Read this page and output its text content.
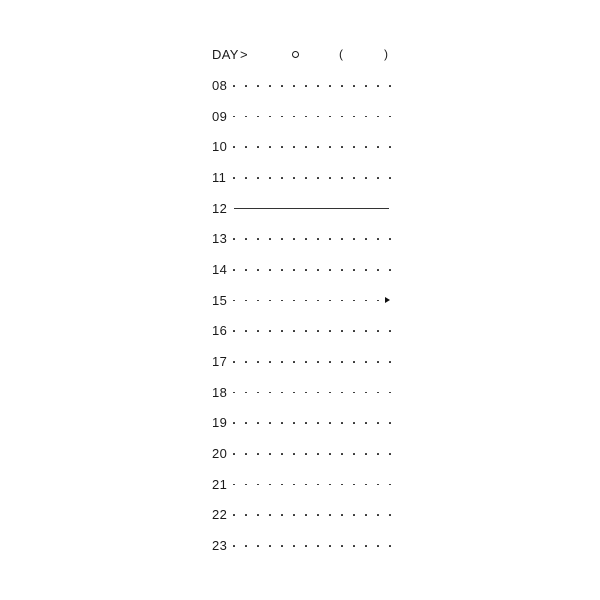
DAY >	(	)
08
09
10
11
12
13
14
15
16
17
18
19
20
21
22
23
